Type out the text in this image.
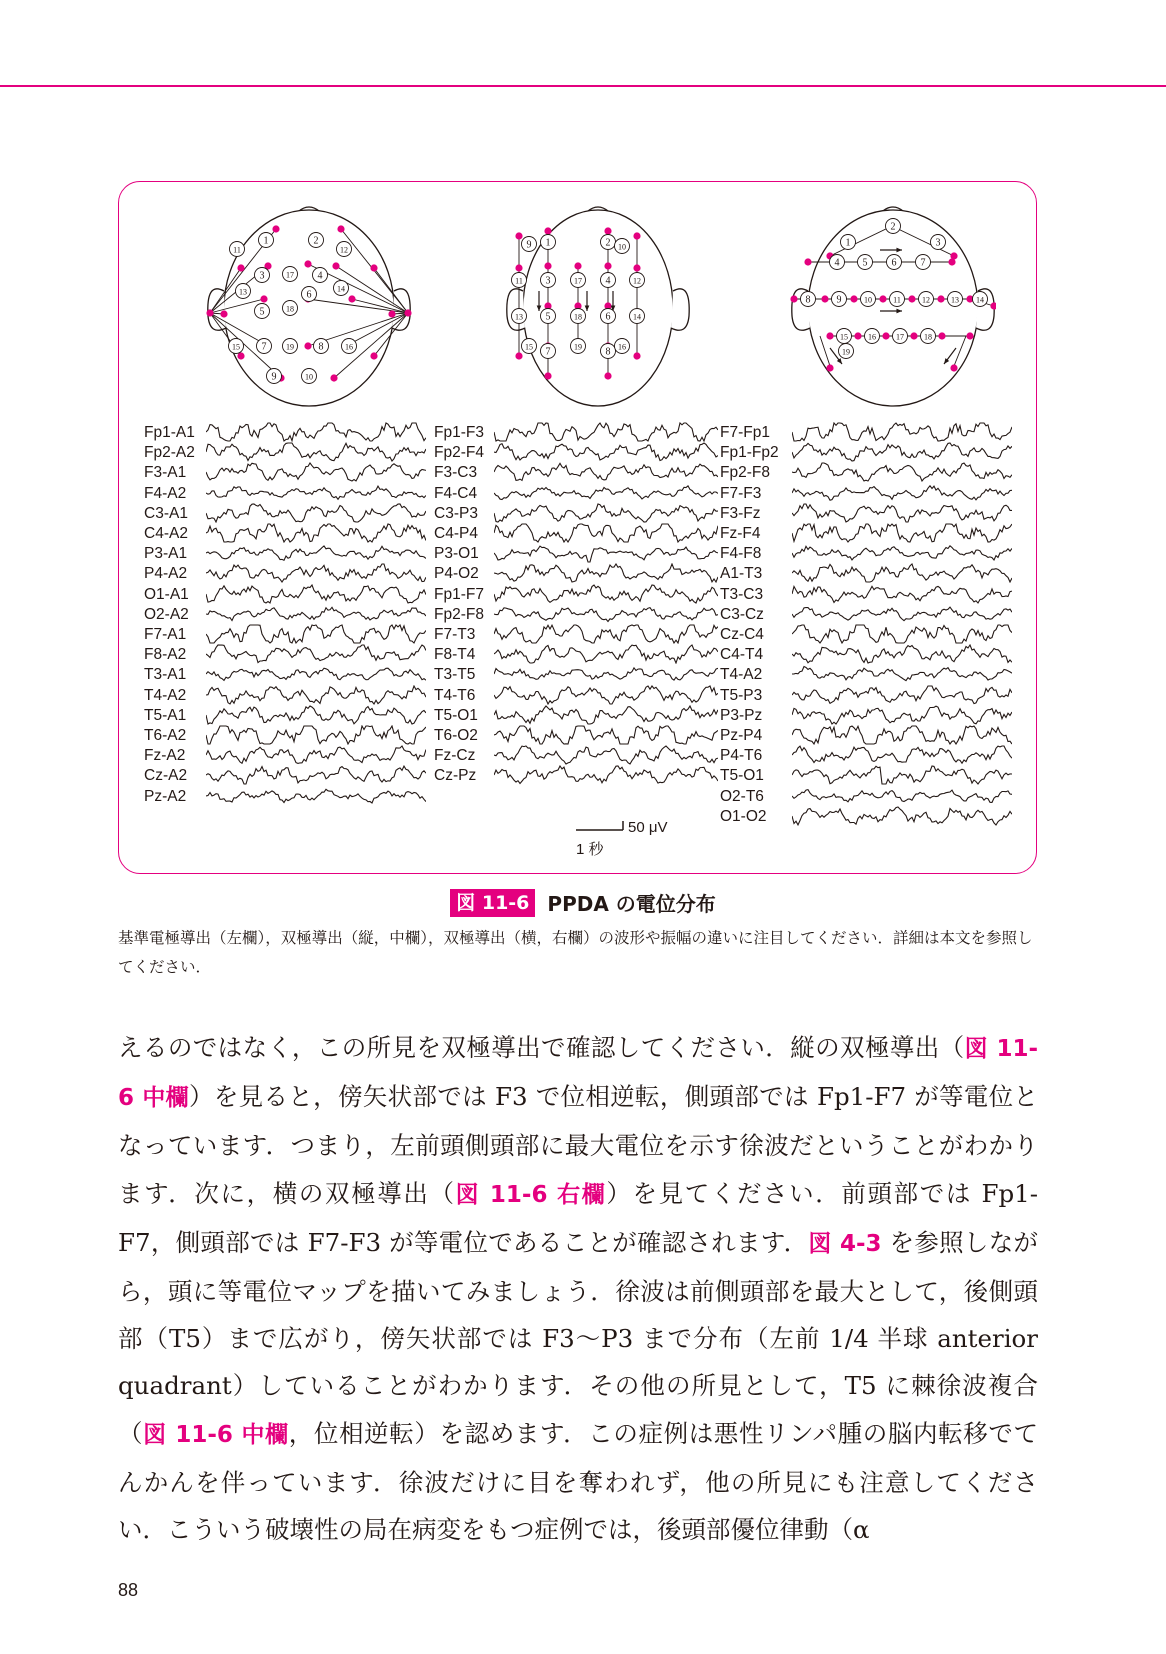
1	2
3	4
5
6
7	8
9	10
11	12
13	14
15	16
17
18
19
9 1	2 10
11 3	17 4	12
13 5	18 6	14
15 7	19 8 16
2
1	3
4 5 6 7
8	9	10	11	12	13 14
15	16	17	18
19
Fp1-A1
Fp2-A2
F3-A1
F4-A2
C3-A1
C4-A2
P3-A1
P4-A2
O1-A1
O2-A2
F7-A1
F8-A2
T3-A1
T4-A2
T5-A1
T6-A2
Fz-A2
Cz-A2
Pz-A2
Fp1-F3
Fp2-F4
F3-C3
F4-C4
C3-P3
C4-P4
P3-O1
P4-O2
Fp1-F7
Fp2-F8
F7-T3
F8-T4
T3-T5
T4-T6
T5-O1
T6-O2
Fz-Cz
Cz-Pz
F7-Fp1
Fp1-Fp2
Fp2-F8
F7-F3
F3-Fz
Fz-F4
F4-F8
A1-T3
T3-C3
C3-Cz
Cz-C4
C4-T4
T4-A2
T5-P3
P3-Pz
Pz-P4
P4-T6
T5-O1
O2-T6
O1-O2
50 μV
1 秒
図 11-6 PPDA の電位分布
基準電極導出（左欄），双極導出（縦，中欄），双極導出（横，右欄）の波形や振幅の違いに注目してください．詳細は本文を参照してください．
えるのではなく，この所見を双極導出で確認してください．縦の双極導出（図 11-6 中欄）を見ると，傍矢状部では F3 で位相逆転，側頭部では Fp1-F7 が等電位となっています．つまり，左前頭側頭部に最大電位を示す徐波だということがわかります．次に，横の双極導出（図 11-6 右欄）を見てください．前頭部では Fp1-F7，側頭部では F7-F3 が等電位であることが確認されます．図 4-3 を参照しながら，頭に等電位マップを描いてみましょう．徐波は前側頭部を最大として，後側頭部（T5）まで広がり，傍矢状部では F3〜P3 まで分布（左前 1/4 半球 anterior quadrant）していることがわかります．その他の所見として，T5 に棘徐波複合（図 11-6 中欄，位相逆転）を認めます．この症例は悪性リンパ腫の脳内転移でてんかんを伴っています．徐波だけに目を奪われず，他の所見にも注意してください．こういう破壊性の局在病変をもつ症例では，後頭部優位律動（α
88
